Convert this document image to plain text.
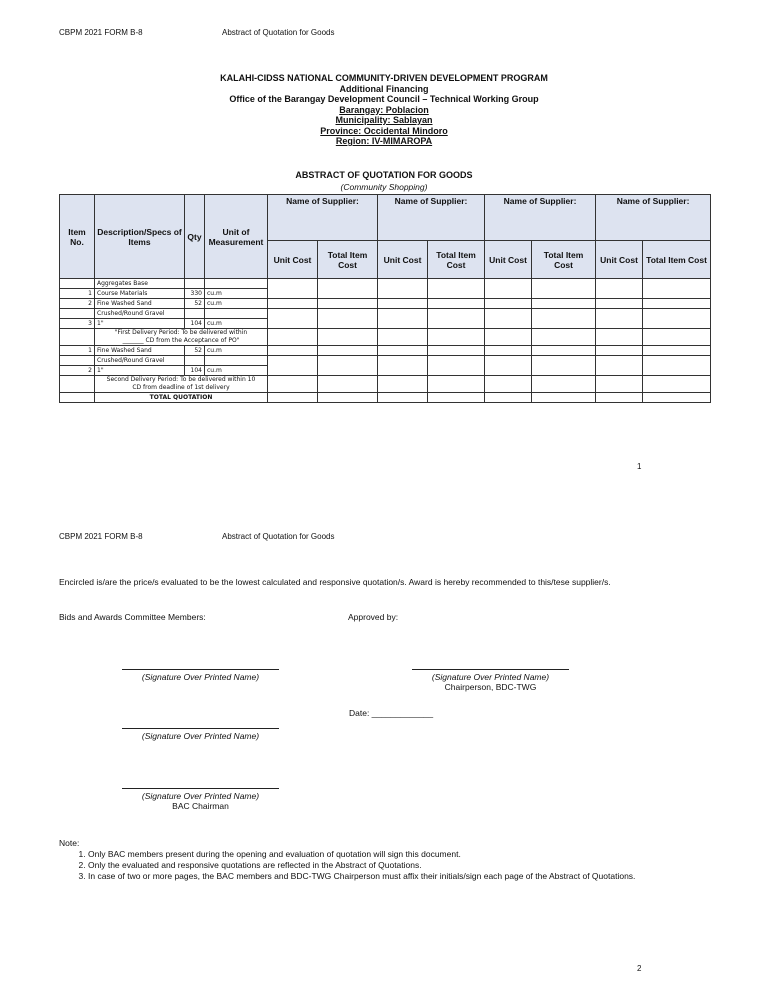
CBPM 2021 FORM B-8	Abstract of Quotation for Goods
KALAHI-CIDSS NATIONAL COMMUNITY-DRIVEN DEVELOPMENT PROGRAM
Additional Financing
Office of the Barangay Development Council – Technical Working Group
Barangay: Poblacion
Municipality: Sablayan
Province: Occidental Mindoro
Region: IV-MIMAROPA
ABSTRACT OF QUOTATION FOR GOODS
(Community Shopping)
Item No.	Description/Specs of Items	Qty	Unit of Measurement	Name of Supplier:		Name of Supplier:		Name of Supplier:		Name of Supplier:	
				Unit Cost	Total Item Cost	Unit Cost	Total Item Cost	Unit Cost	Total Item Cost	Unit Cost	Total Item Cost
	Aggregates Base										
1	Course Materials	330	cu.m								
2	Fine Washed Sand	52	cu.m								
	Crushed/Round Gravel										
3	1"	104	cu.m								

	"First Delivery Period: To be delivered within
_______ CD from the Acceptance of PO"										

1	Fine Washed Sand	52	cu.m								
	Crushed/Round Gravel										
2	1"	104	cu.m								

	Second Delivery Period: To be delivered within 10
CD from deadline of 1st delivery										

	TOTAL QUOTATION										
1
CBPM 2021 FORM B-8	Abstract of Quotation for Goods
Encircled is/are the price/s evaluated to be the lowest calculated and responsive quotation/s. Award is hereby recommended to this/tese supplier/s.
Bids and Awards Committee Members:	Approved by:
(Signature Over Printed Name)	(Signature Over Printed Name)
Chairperson, BDC-TWG
Date: _____________
(Signature Over Printed Name)
(Signature Over Printed Name)
BAC Chairman
Note:
1. Only BAC members present during the opening and evaluation of quotation will sign this document.
2. Only the evaluated and responsive quotations are reflected in the Abstract of Quotations.
3. In case of two or more pages, the BAC members and BDC-TWG Chairperson must affix their initials/sign each page of the Abstract of Quotations.
2
